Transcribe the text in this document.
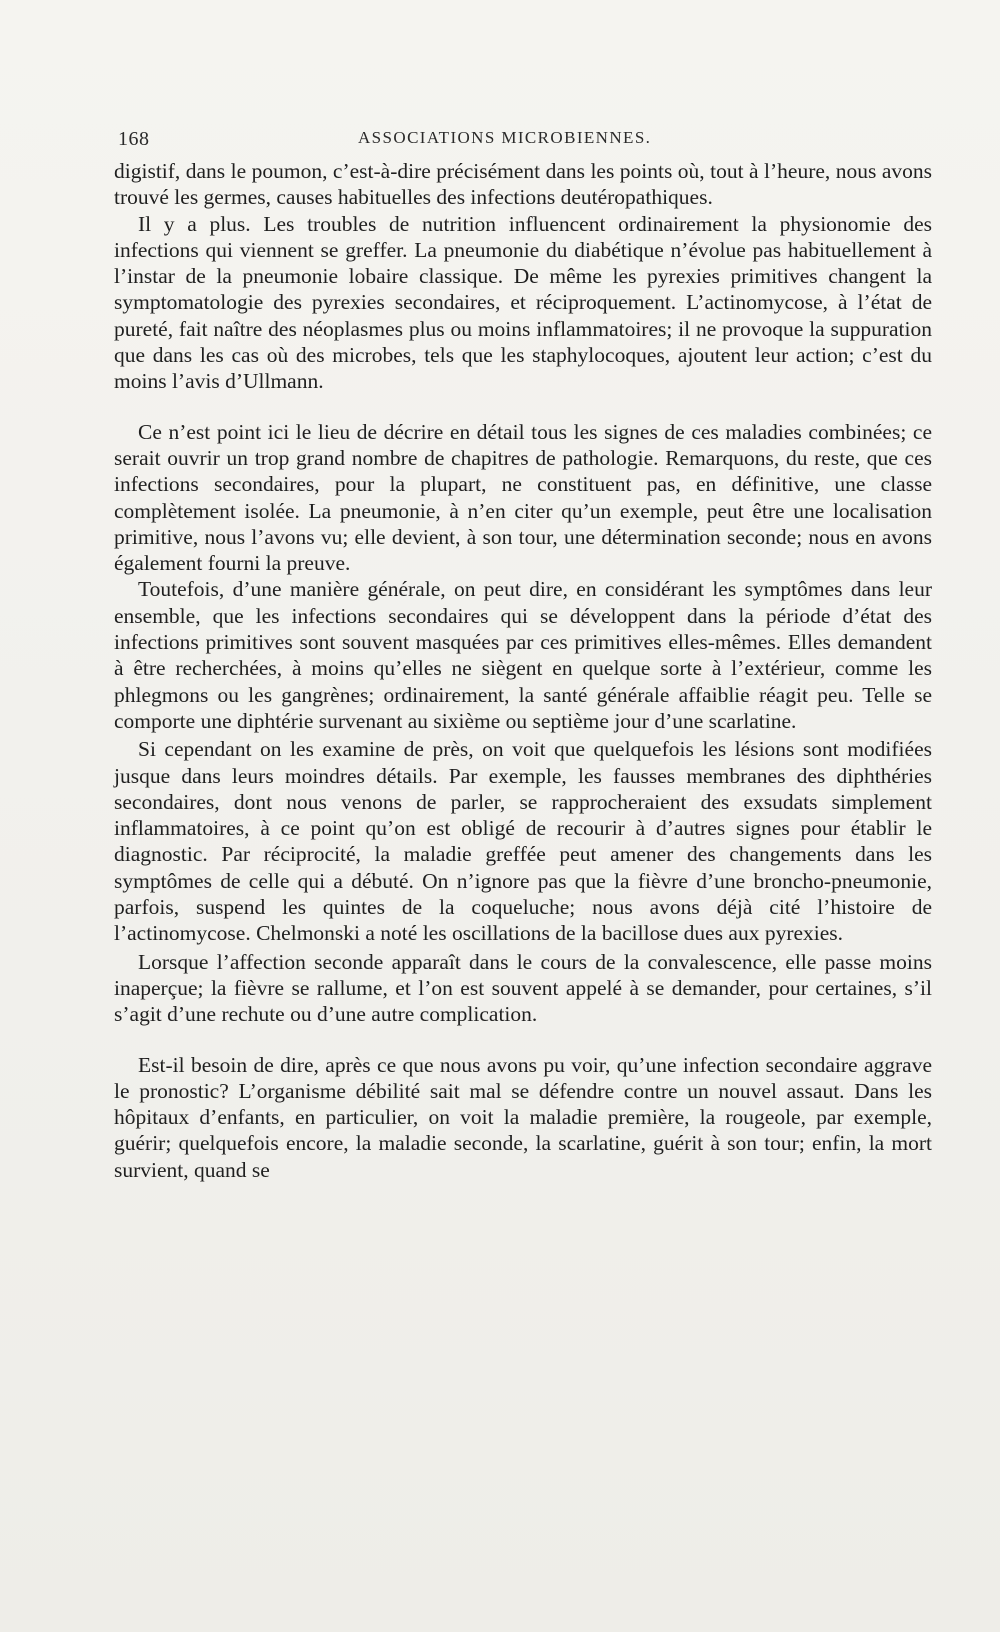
168	ASSOCIATIONS MICROBIENNES.

digistif, dans le poumon, c’est-à-dire précisément dans les points où, tout à l’heure, nous avons trouvé les germes, causes habituelles des infections deutéropathiques.

Il y a plus. Les troubles de nutrition influencent ordinairement la physionomie des infections qui viennent se greffer. La pneumonie du diabétique n’évolue pas habituellement à l’instar de la pneumonie lobaire classique. De même les pyrexies primitives changent la symptomatologie des pyrexies secondaires, et réciproquement. L’actinomycose, à l’état de pureté, fait naître des néoplasmes plus ou moins inflammatoires; il ne provoque la suppuration que dans les cas où des microbes, tels que les staphylocoques, ajoutent leur action; c’est du moins l’avis d’Ullmann.

Ce n’est point ici le lieu de décrire en détail tous les signes de ces maladies combinées; ce serait ouvrir un trop grand nombre de chapitres de pathologie. Remarquons, du reste, que ces infections secondaires, pour la plupart, ne constituent pas, en définitive, une classe complètement isolée. La pneumonie, à n’en citer qu’un exemple, peut être une localisation primitive, nous l’avons vu; elle devient, à son tour, une détermination seconde; nous en avons également fourni la preuve.

Toutefois, d’une manière générale, on peut dire, en considérant les symptômes dans leur ensemble, que les infections secondaires qui se développent dans la période d’état des infections primitives sont souvent masquées par ces primitives elles-mêmes. Elles demandent à être recherchées, à moins qu’elles ne siègent en quelque sorte à l’extérieur, comme les phlegmons ou les gangrènes; ordinairement, la santé générale affaiblie réagit peu. Telle se comporte une diphtérie survenant au sixième ou septième jour d’une scarlatine.

Si cependant on les examine de près, on voit que quelquefois les lésions sont modifiées jusque dans leurs moindres détails. Par exemple, les fausses membranes des diphthéries secondaires, dont nous venons de parler, se rapprocheraient des exsudats simplement inflammatoires, à ce point qu’on est obligé de recourir à d’autres signes pour établir le diagnostic. Par réciprocité, la maladie greffée peut amener des changements dans les symptômes de celle qui a débuté. On n’ignore pas que la fièvre d’une broncho-pneumonie, parfois, suspend les quintes de la coqueluche; nous avons déjà cité l’histoire de l’actinomycose. Chelmonski a noté les oscillations de la bacillose dues aux pyrexies.

Lorsque l’affection seconde apparaît dans le cours de la convalescence, elle passe moins inaperçue; la fièvre se rallume, et l’on est souvent appelé à se demander, pour certaines, s’il s’agit d’une rechute ou d’une autre complication.

Est-il besoin de dire, après ce que nous avons pu voir, qu’une infection secondaire aggrave le pronostic? L’organisme débilité sait mal se défendre contre un nouvel assaut. Dans les hôpitaux d’enfants, en particulier, on voit la maladie première, la rougeole, par exemple, guérir; quelquefois encore, la maladie seconde, la scarlatine, guérit à son tour; enfin, la mort survient, quand se
